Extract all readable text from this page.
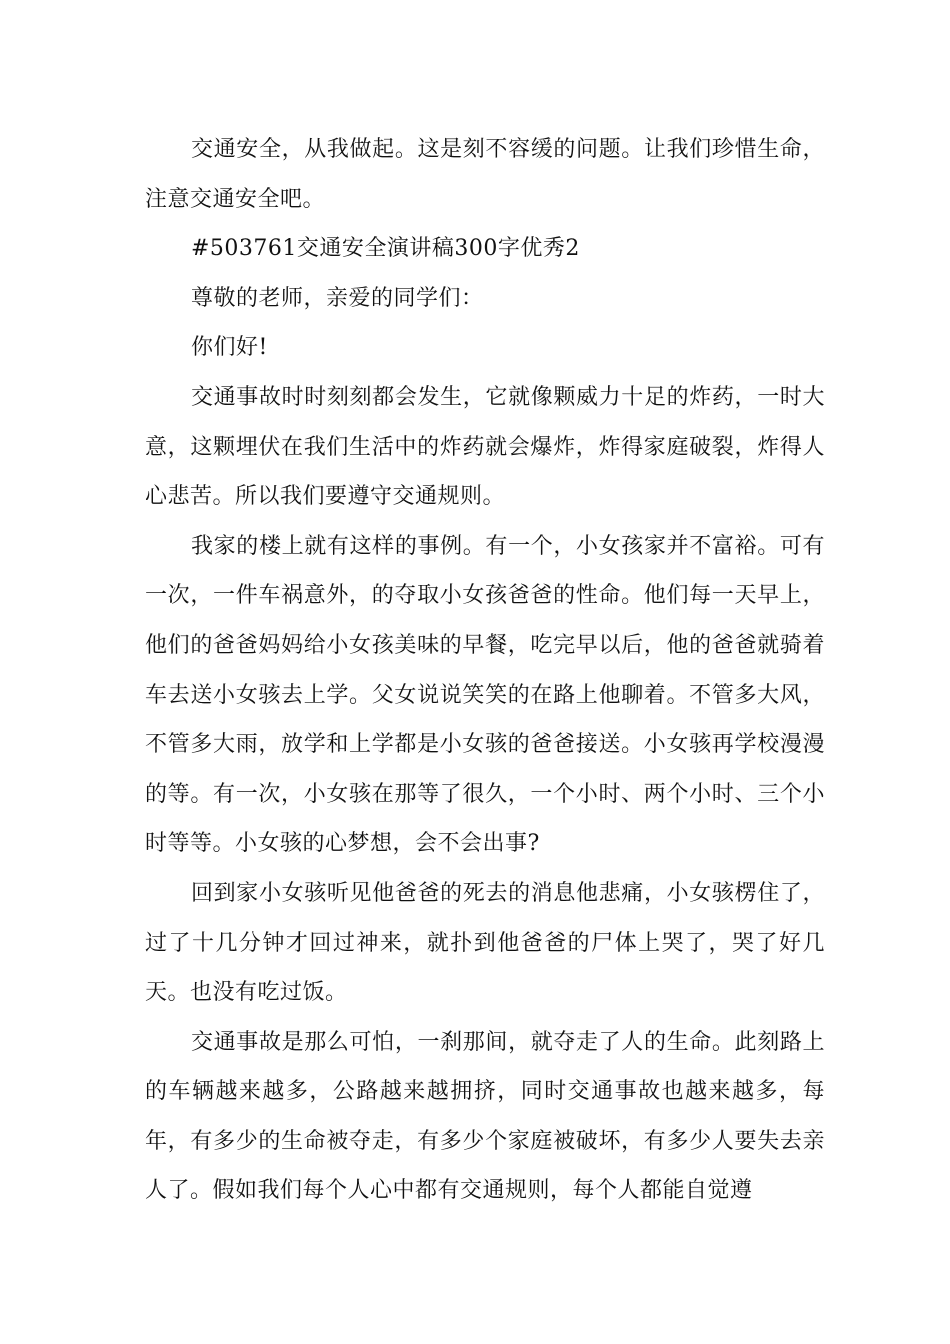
交通安全，从我做起。这是刻不容缓的问题。让我们珍惜生命，注意交通安全吧。

#503761交通安全演讲稿300字优秀2

尊敬的老师，亲爱的同学们：

你们好!

交通事故时时刻刻都会发生，它就像颗威力十足的炸药，一时大意，这颗埋伏在我们生活中的炸药就会爆炸，炸得家庭破裂，炸得人心悲苦。所以我们要遵守交通规则。

我家的楼上就有这样的事例。有一个，小女孩家并不富裕。可有一次，一件车祸意外，的夺取小女孩爸爸的性命。他们每一天早上，他们的爸爸妈妈给小女孩美味的早餐，吃完早以后，他的爸爸就骑着车去送小女骇去上学。父女说说笑笑的在路上他聊着。不管多大风，不管多大雨，放学和上学都是小女骇的爸爸接送。小女骇再学校漫漫的等。有一次，小女骇在那等了很久，一个小时、两个小时、三个小时等等。小女骇的心梦想，会不会出事?

回到家小女骇听见他爸爸的死去的消息他悲痛，小女骇楞住了，过了十几分钟才回过神来，就扑到他爸爸的尸体上哭了，哭了好几天。也没有吃过饭。

交通事故是那么可怕，一刹那间，就夺走了人的生命。此刻路上的车辆越来越多，公路越来越拥挤，同时交通事故也越来越多，每年，有多少的生命被夺走，有多少个家庭被破坏，有多少人要失去亲人了。假如我们每个人心中都有交通规则，每个人都能自觉遵
